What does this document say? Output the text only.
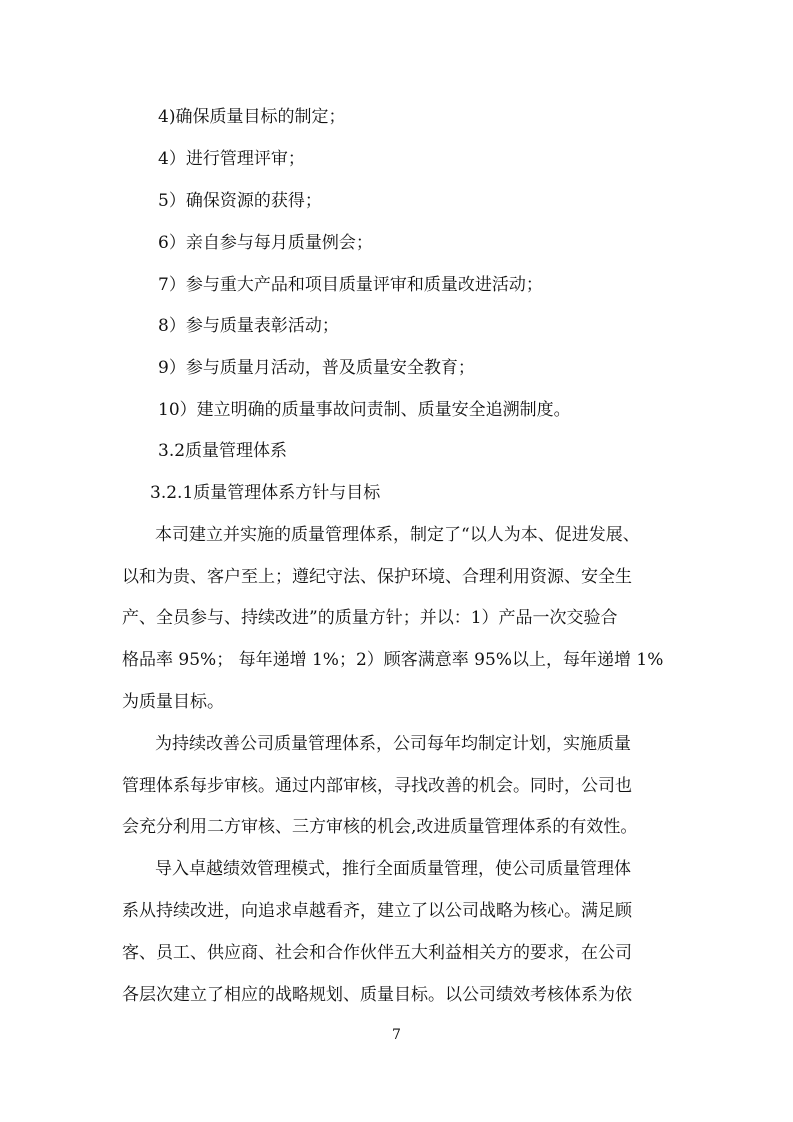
4)确保质量目标的制定；
4）进行管理评审；
5）确保资源的获得；
6）亲自参与每月质量例会；
7）参与重大产品和项目质量评审和质量改进活动；
8）参与质量表彰活动；
9）参与质量月活动，普及质量安全教育；
10）建立明确的质量事故问责制、质量安全追溯制度。
3.2质量管理体系
3.2.1质量管理体系方针与目标
本司建立并实施的质量管理体系，制定了“以人为本、促进发展、
以和为贵、客户至上；遵纪守法、保护环境、合理利用资源、安全生
产、全员参与、持续改进”的质量方针；并以：1）产品一次交验合
格品率 95%； 每年递增 1%；2）顾客满意率 95%以上，每年递增 1%
为质量目标。
为持续改善公司质量管理体系，公司每年均制定计划，实施质量
管理体系每步审核。通过内部审核，寻找改善的机会。同时，公司也
会充分利用二方审核、三方审核的机会,改进质量管理体系的有效性。
导入卓越绩效管理模式，推行全面质量管理，使公司质量管理体
系从持续改进，向追求卓越看齐，建立了以公司战略为核心。满足顾
客、员工、供应商、社会和合作伙伴五大利益相关方的要求，在公司
各层次建立了相应的战略规划、质量目标。以公司绩效考核体系为依
7
